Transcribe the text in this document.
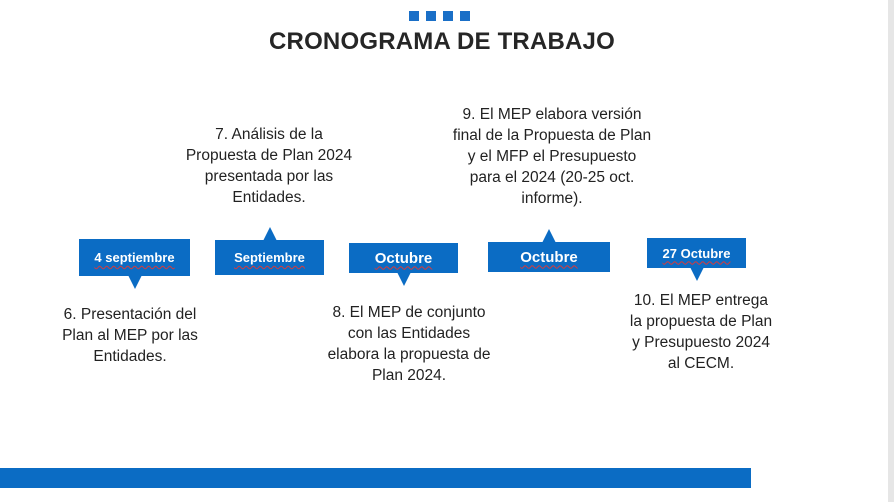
CRONOGRAMA DE TRABAJO
4 septiembre
6. Presentación del Plan al MEP por las Entidades.
Septiembre
7. Análisis de la Propuesta de Plan 2024 presentada por las Entidades.
Octubre
8. El MEP de conjunto con las Entidades elabora la propuesta de Plan 2024.
Octubre
9. El MEP elabora versión final de la Propuesta de Plan y el MFP el Presupuesto para el 2024 (20-25 oct. informe).
27 Octubre
10. El MEP entrega la propuesta de Plan y Presupuesto 2024 al CECM.
